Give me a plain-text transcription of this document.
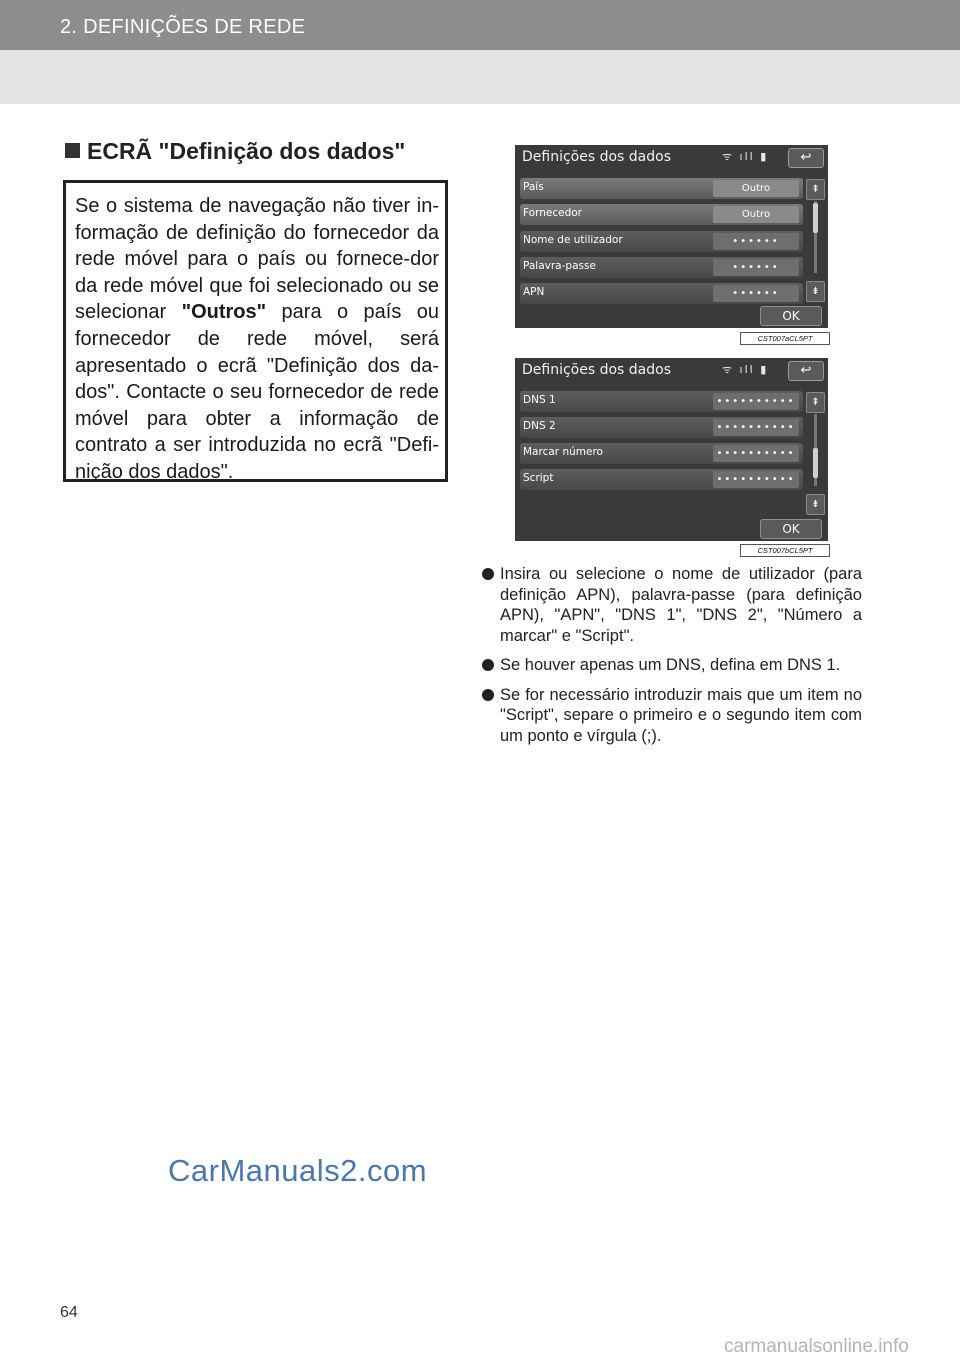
2. DEFINIÇÕES DE REDE
ECRÃ "Definição dos dados"
Se o sistema de navegação não tiver in-formação de definição do fornecedor da rede móvel para o país ou fornece-dor da rede móvel que foi selecionado ou se selecionar "Outros" para o país ou fornecedor de rede móvel, será apresentado o ecrã "Definição dos da-dos". Contacte o seu fornecedor de rede móvel para obter a informação de contrato a ser introduzida no ecrã "Defi-nição dos dados".
Definições dos dados	ᯤ ıll ▮	↩
País	Outro
Fornecedor	Outro
Nome de utilizador	••••••
Palavra-passe	••••••
APN	••••••
⇞
⇟
OK
CST007aCL5PT
Definições dos dados	ᯤ ıll ▮	↩
DNS 1	••••••••••
DNS 2	••••••••••
Marcar número	••••••••••
Script	••••••••••
⇞
⇟
OK
CST007bCL5PT
Insira ou selecione o nome de utilizador (para definição APN), palavra-passe (para definição APN), "APN", "DNS 1", "DNS 2", "Número a marcar" e "Script".
Se houver apenas um DNS, defina em DNS 1.
Se for necessário introduzir mais que um item no "Script", separe o primeiro e o segundo item com um ponto e vírgula (;).
CarManuals2.com
64
carmanualsonline.info
